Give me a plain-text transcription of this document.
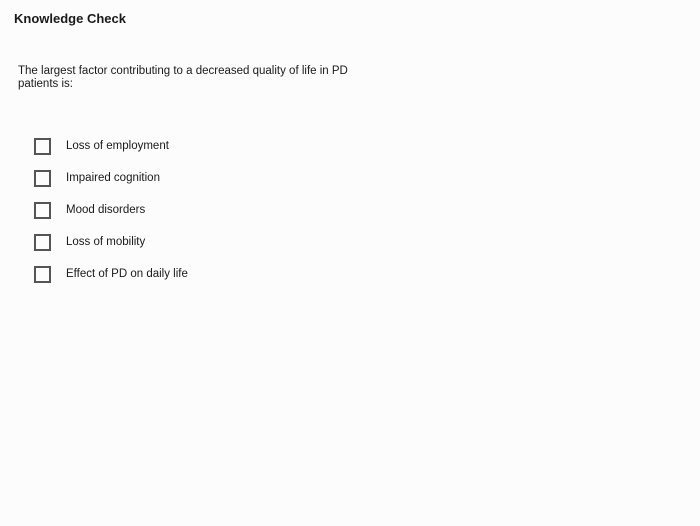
Knowledge Check
The largest factor contributing to a decreased quality of life in PD patients is:
Loss of employment
Impaired cognition
Mood disorders
Loss of mobility
Effect of PD on daily life
